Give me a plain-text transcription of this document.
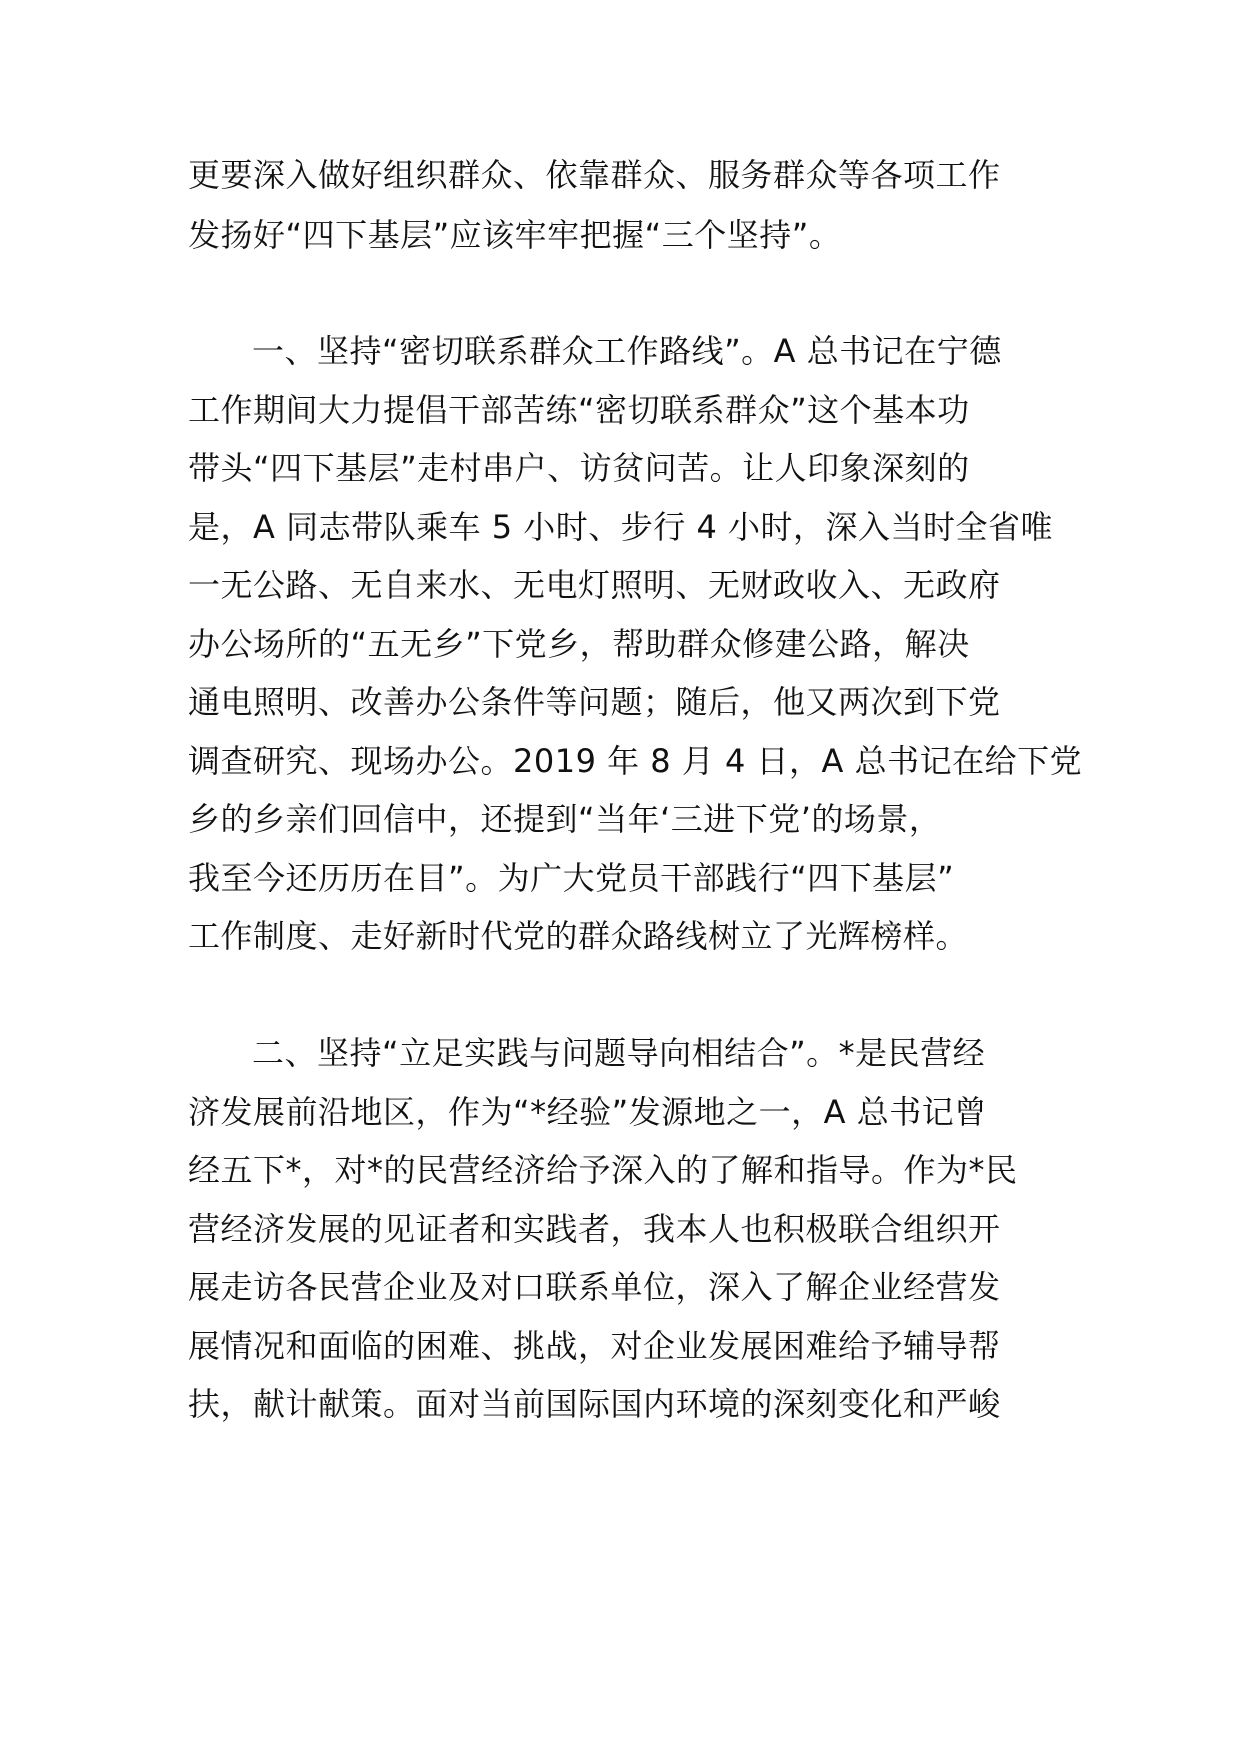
更要深入做好组织群众、依靠群众、服务群众等各项工作
发扬好“四下基层”应该牢牢把握“三个坚持”。
一、坚持“密切联系群众工作路线”。A 总书记在宁德
工作期间大力提倡干部苦练“密切联系群众”这个基本功
带头“四下基层”走村串户、访贫问苦。让人印象深刻的
是，A 同志带队乘车 5 小时、步行 4 小时，深入当时全省唯
一无公路、无自来水、无电灯照明、无财政收入、无政府
办公场所的“五无乡”下党乡，帮助群众修建公路，解决
通电照明、改善办公条件等问题；随后，他又两次到下党
调查研究、现场办公。2019 年 8 月 4 日，A 总书记在给下党
乡的乡亲们回信中，还提到“当年‘三进下党’的场景，
我至今还历历在目”。为广大党员干部践行“四下基层”
工作制度、走好新时代党的群众路线树立了光辉榜样。
二、坚持“立足实践与问题导向相结合”。*是民营经
济发展前沿地区，作为“*经验”发源地之一，A 总书记曾
经五下*，对*的民营经济给予深入的了解和指导。作为*民
营经济发展的见证者和实践者，我本人也积极联合组织开
展走访各民营企业及对口联系单位，深入了解企业经营发
展情况和面临的困难、挑战，对企业发展困难给予辅导帮
扶，献计献策。面对当前国际国内环境的深刻变化和严峻
